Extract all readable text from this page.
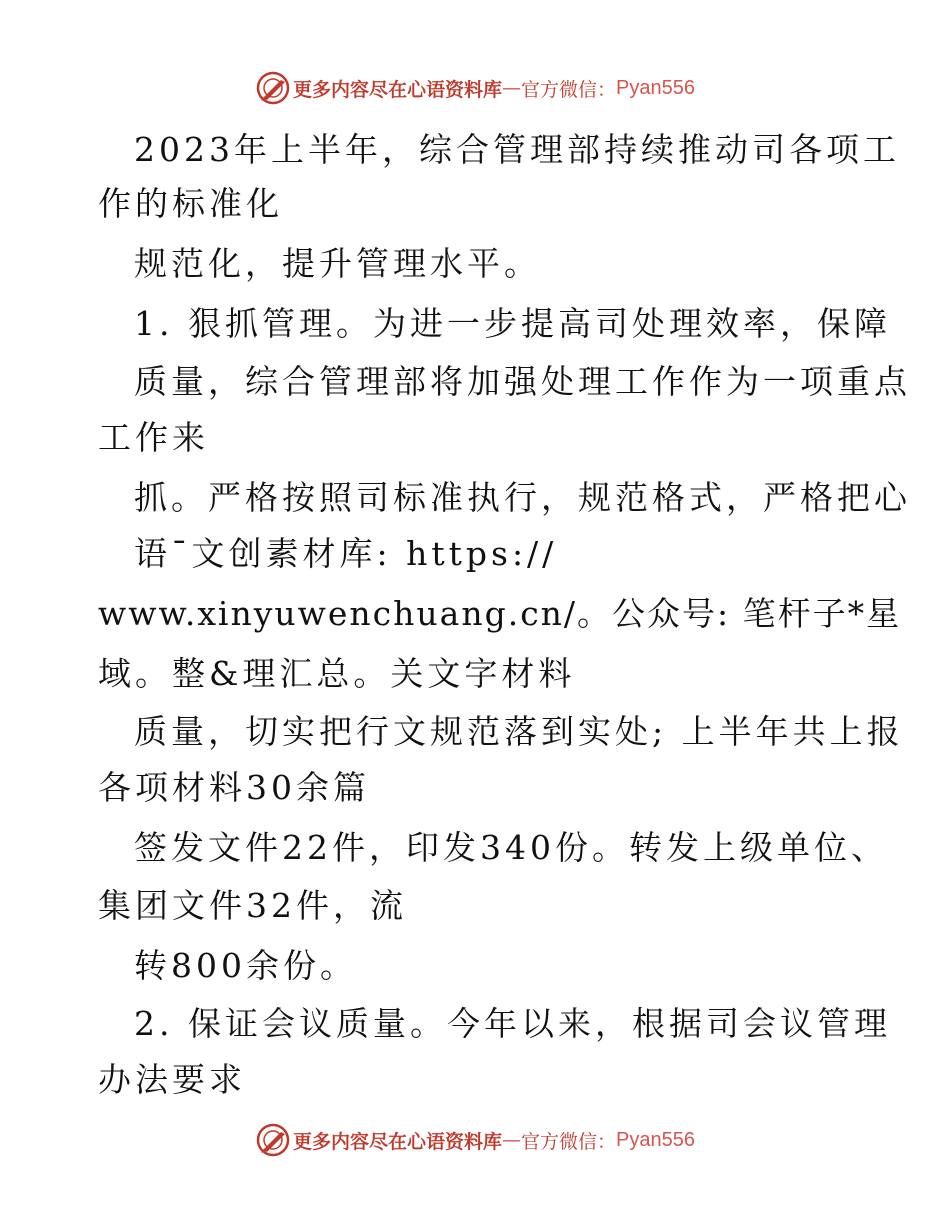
更多内容尽在心语资料库 — 官方微信： Pyan556
2023年上半年，综合管理部持续推动司各项工
作的标准化
规范化，提升管理水平。
1. 狠抓管理。为进一步提高司处理效率，保障
质量，综合管理部将加强处理工作作为一项重点
工作来
抓。严格按照司标准执行，规范格式，严格把心
语¯文创素材库: https://
www.xinyuwenchuang.cn/。公众号: 笔杆子*星
域。整&理汇总。关文字材料
质量，切实把行文规范落到实处; 上半年共上报
各项材料30余篇
签发文件22件，印发340份。转发上级单位、
集团文件32件，流
转800余份。
2. 保证会议质量。今年以来，根据司会议管理
办法要求
更多内容尽在心语资料库 — 官方微信： Pyan556
